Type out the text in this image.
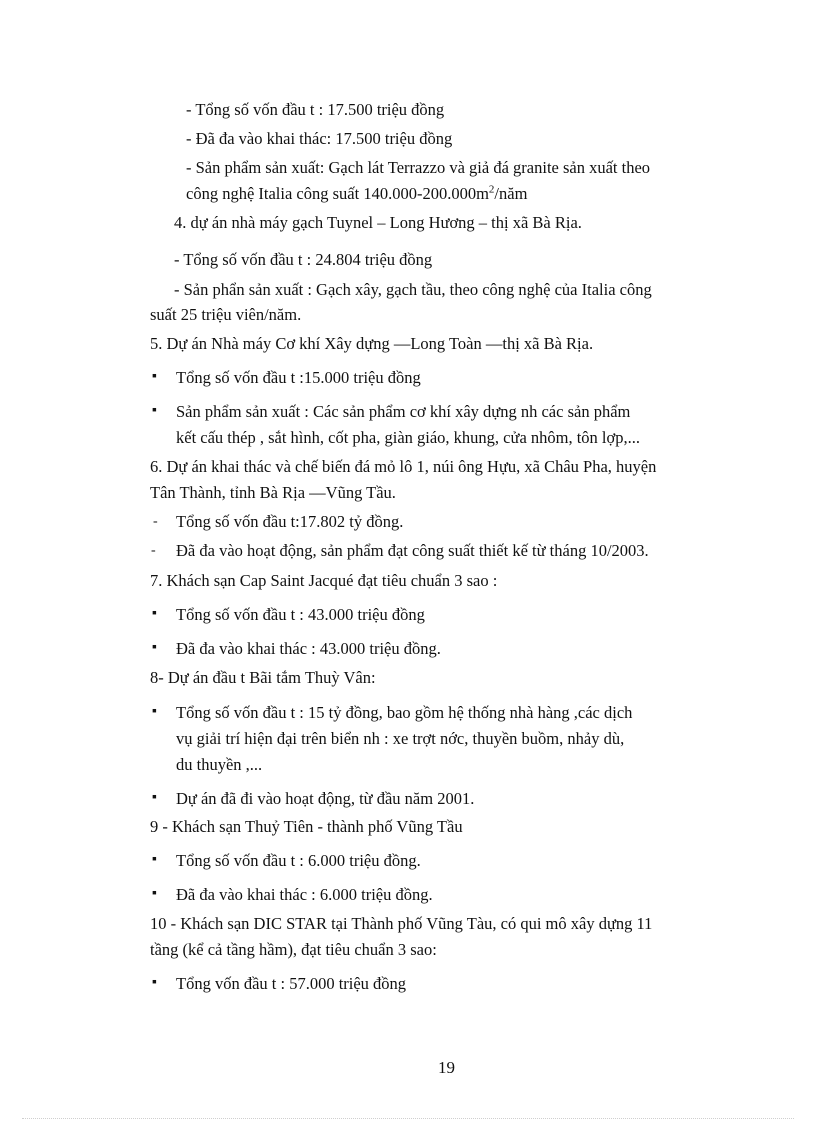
- Tổng số vốn đầu t : 17.500 triệu đồng
- Đã đa vào khai thác: 17.500 triệu đồng
- Sản phẩm sản xuất: Gạch lát Terrazzo và giả đá granite sản xuất theo
công nghệ Italia công suất $140.000-200.000m^2$/năm
4. dự án nhà máy gạch Tuynel – Long Hương – thị xã Bà Rịa.
- Tổng số vốn đầu t : 24.804 triệu đồng
- Sản phẩn sản xuất : Gạch xây, gạch tầu, theo công nghệ của Italia công
suất 25 triệu viên/năm.
5. Dự án Nhà máy Cơ khí Xây dựng —Long Toàn —thị xã Bà Rịa.
▪ Tổng số vốn đầu t :15.000 triệu đồng
▪ Sản phẩm sản xuất : Các sản phẩm cơ khí xây dựng nh các sản phẩm
kết cấu thép , sắt hình, cốt pha, giàn giáo, khung, cửa nhôm, tôn lợp,...
6. Dự án khai thác và chế biến đá mỏ lô 1, núi ông Hựu, xã Châu Pha, huyện
Tân Thành, tỉnh Bà Rịa —Vũng Tầu.
- Tổng số vốn đầu t:17.802 tỷ đồng.
- Đã đa vào hoạt động, sản phẩm đạt công suất thiết kế từ tháng 10/2003.
7. Khách sạn Cap Saint Jacqué đạt tiêu chuẩn 3 sao :
▪ Tổng số vốn đầu t : 43.000 triệu đồng
▪ Đã đa vào khai thác : 43.000 triệu đồng.
8- Dự án đầu t Bãi tắm Thuỳ Vân:
▪ Tổng số vốn đầu t : 15 tỷ đồng, bao gồm hệ thống nhà hàng ,các dịch
vụ giải trí hiện đại trên biển nh : xe trợt nớc, thuyền buồm, nhảy dù,
du thuyền ,...
▪ Dự án đã đi vào hoạt động, từ đầu năm 2001.
9 - Khách sạn Thuỷ Tiên - thành phố Vũng Tầu
▪ Tổng số vốn đầu t : 6.000 triệu đồng.
▪ Đã đa vào khai thác : 6.000 triệu đồng.
10 - Khách sạn DIC STAR tại Thành phố Vũng Tàu, có qui mô xây dựng 11
tầng (kể cả tầng hầm), đạt tiêu chuẩn 3 sao:
▪ Tổng vốn đầu t : 57.000 triệu đồng
19
